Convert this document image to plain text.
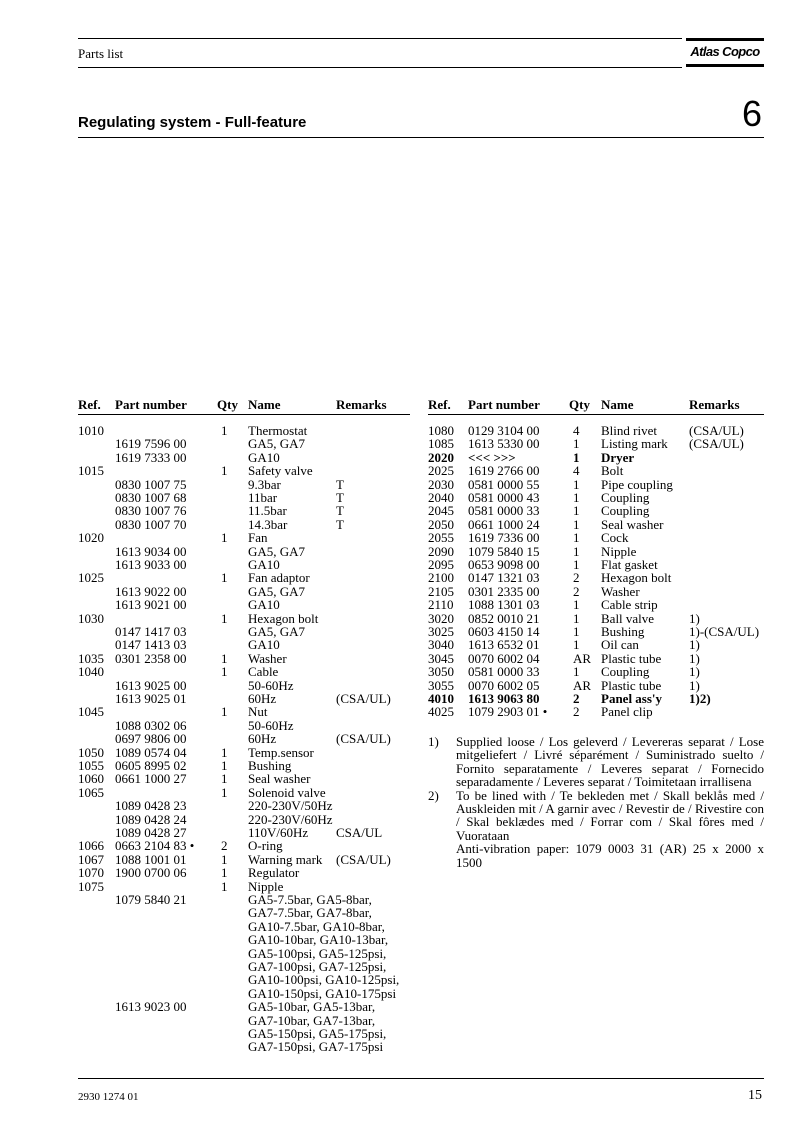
Parts list	Atlas Copco
Regulating system - Full-feature	6
Ref. Part number Qty Name	Remarks
1010	1 Thermostat
1619 7596 00	GA5, GA7
1619 7333 00	GA10
1015	1 Safety valve
0830 1007 75	9.3bar	T
0830 1007 68	11bar	T
0830 1007 76	11.5bar	T
0830 1007 70	14.3bar	T
1020	1 Fan
1613 9034 00	GA5, GA7
1613 9033 00	GA10
1025	1 Fan adaptor
1613 9022 00	GA5, GA7
1613 9021 00	GA10
1030	1 Hexagon bolt
0147 1417 03	GA5, GA7
0147 1413 03	GA10
1035 0301 2358 00	1 Washer
1040	1 Cable
1613 9025 00	50-60Hz
1613 9025 01	60Hz	(CSA/UL)
1045	1 Nut
1088 0302 06	50-60Hz
0697 9806 00	60Hz	(CSA/UL)
1050 1089 0574 04	1 Temp.sensor
1055 0605 8995 02	1 Bushing
1060 0661 1000 27	1 Seal washer
1065	1 Solenoid valve
1089 0428 23	220-230V/50Hz
1089 0428 24	220-230V/60Hz
1089 0428 27	110V/60Hz CSA/UL
1066 0663 2104 83 • 2 O-ring
1067 1088 1001 01	1 Warning mark (CSA/UL)
1070 1900 0700 06	1 Regulator
1075	1 Nipple
1079 5840 21	GA5-7.5bar, GA5-8bar,
GA7-7.5bar, GA7-8bar,
GA10-7.5bar, GA10-8bar,
GA10-10bar, GA10-13bar,
GA5-100psi, GA5-125psi,
GA7-100psi, GA7-125psi,
GA10-100psi, GA10-125psi,
GA10-150psi, GA10-175psi
1613 9023 00	GA5-10bar, GA5-13bar,
GA7-10bar, GA7-13bar,
GA5-150psi, GA5-175psi,
GA7-150psi, GA7-175psi
Ref. Part number Qty Name	Remarks
1080 0129 3104 00	4 Blind rivet (CSA/UL)
1085 1613 5330 00	1 Listing mark (CSA/UL)
2020 <<< >>>	1 Dryer
2025 1619 2766 00	4 Bolt
2030 0581 0000 55	1 Pipe coupling
2040 0581 0000 43	1 Coupling
2045 0581 0000 33	1 Coupling
2050 0661 1000 24	1 Seal washer
2055 1619 7336 00	1 Cock
2090 1079 5840 15	1 Nipple
2095 0653 9098 00	1 Flat gasket
2100 0147 1321 03	2 Hexagon bolt
2105 0301 2335 00	2 Washer
2110 1088 1301 03	1 Cable strip
3020 0852 0010 21	1 Ball valve	1)
3025 0603 4150 14	1 Bushing	1)-(CSA/UL)
3040 1613 6532 01	1 Oil can	1)
3045 0070 6002 04	AR Plastic tube 1)
3050 0581 0000 33	1 Coupling	1)
3055 0070 6002 05	AR Plastic tube 1)
4010 1613 9063 80	2 Panel ass'y 1)2)
4025 1079 2903 01 • 2 Panel clip
1) Supplied loose / Los geleverd / Levereras separat / Lose mitgeliefert / Livré séparément / Suministrado suelto / Fornito separatamente / Leveres separat / Fornecido separadamente / Leveres separat / Toimitetaan irrallisena
2) To be lined with / Te bekleden met / Skall beklås med / Auskleiden mit / A garnir avec / Revestir de / Rivestire con / Skal beklædes med / Forrar com / Skal fôres med / Vuorataan
Anti-vibration paper: 1079 0003 31 (AR) 25 x 2000 x 1500
2930 1274 01	15
